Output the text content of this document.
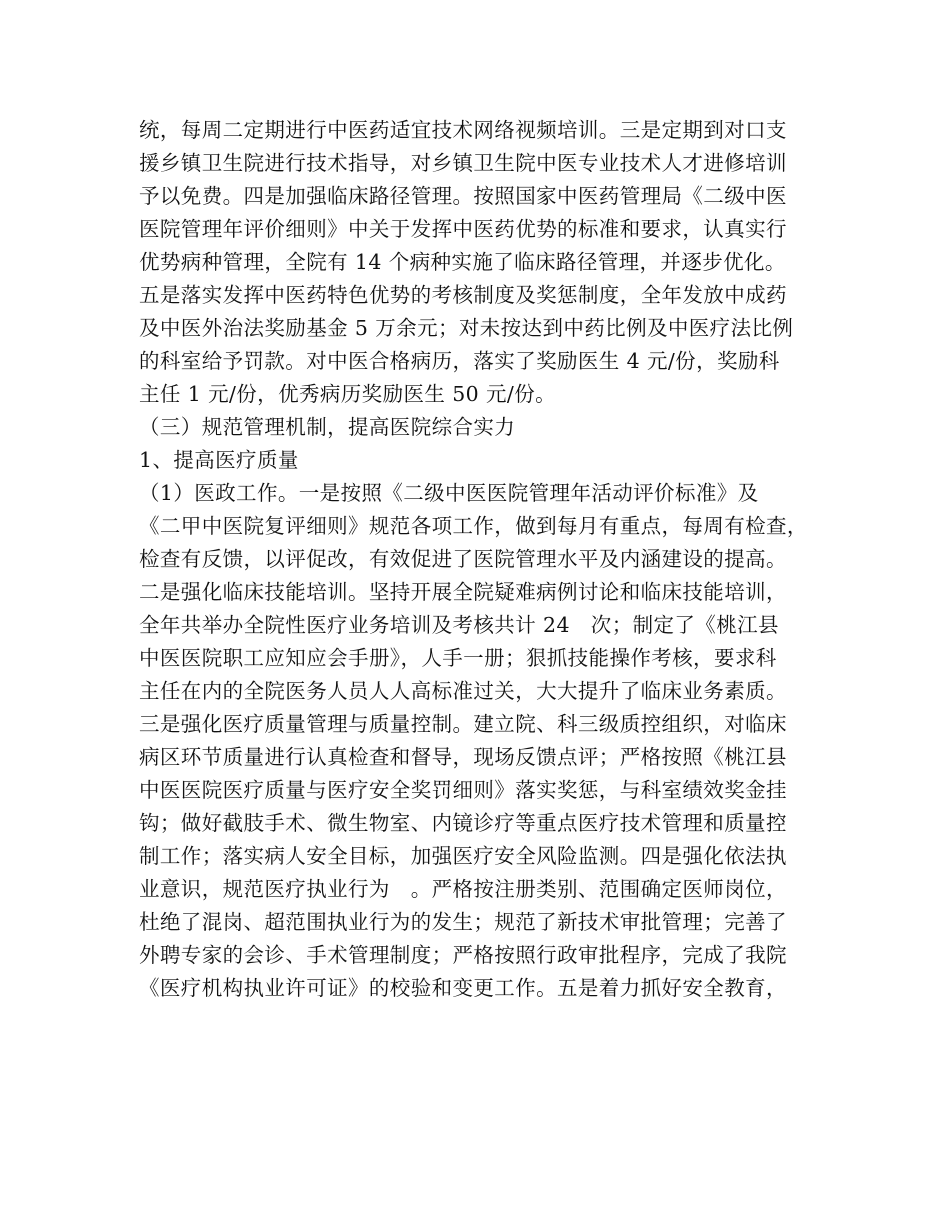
统，每周二定期进行中医药适宜技术网络视频培训。三是定期到对口支
援乡镇卫生院进行技术指导，对乡镇卫生院中医专业技术人才进修培训
予以免费。四是加强临床路径管理。按照国家中医药管理局《二级中医
医院管理年评价细则》中关于发挥中医药优势的标准和要求，认真实行
优势病种管理，全院有 14 个病种实施了临床路径管理，并逐步优化。
五是落实发挥中医药特色优势的考核制度及奖惩制度，全年发放中成药
及中医外治法奖励基金 5 万余元；对未按达到中药比例及中医疗法比例
的科室给予罚款。对中医合格病历，落实了奖励医生 4 元/份，奖励科
主任 1 元/份，优秀病历奖励医生 50 元/份。
（三）规范管理机制，提高医院综合实力
1、提高医疗质量
（1）医政工作。一是按照《二级中医医院管理年活动评价标准》及
《二甲中医院复评细则》规范各项工作，做到每月有重点，每周有检查，
检查有反馈，以评促改，有效促进了医院管理水平及内涵建设的提高。
二是强化临床技能培训。坚持开展全院疑难病例讨论和临床技能培训，
全年共举办全院性医疗业务培训及考核共计 24　次；制定了《桃江县
中医医院职工应知应会手册》，人手一册；狠抓技能操作考核，要求科
主任在内的全院医务人员人人高标准过关，大大提升了临床业务素质。
三是强化医疗质量管理与质量控制。建立院、科三级质控组织，对临床
病区环节质量进行认真检查和督导，现场反馈点评；严格按照《桃江县
中医医院医疗质量与医疗安全奖罚细则》落实奖惩，与科室绩效奖金挂
钩；做好截肢手术、微生物室、内镜诊疗等重点医疗技术管理和质量控
制工作；落实病人安全目标，加强医疗安全风险监测。四是强化依法执
业意识，规范医疗执业行为　。严格按注册类别、范围确定医师岗位，
杜绝了混岗、超范围执业行为的发生；规范了新技术审批管理；完善了
外聘专家的会诊、手术管理制度；严格按照行政审批程序，完成了我院
《医疗机构执业许可证》的校验和变更工作。五是着力抓好安全教育，
